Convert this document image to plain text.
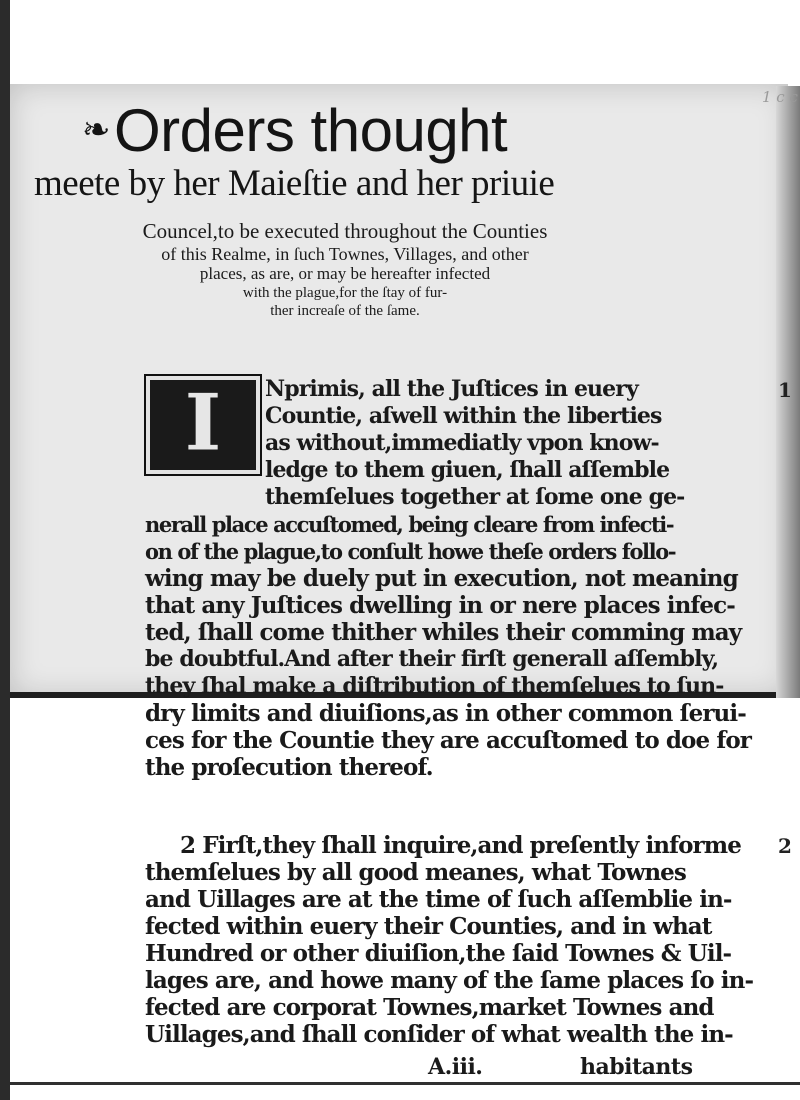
1 c c
❧Orders thought
meete by her Maieſtie and her priuie
Councel,to be executed throughout the Counties
of this Realme, in ſuch Townes, Villages, and other
places, as are, or may be hereafter infected
with the plague,for the ſtay of fur-
ther increaſe of the ſame.
I	1
Nprimis, all the Juſtices in euery
Countie, aſwell within the liberties
as without,immediatly vpon know-
ledge to them giuen, ſhall aſſemble
themſelues together at ſome one ge-
nerall place accuſtomed, being cleare from infecti-
on of the plague,to conſult howe theſe orders follo-
wing may be duely put in execution, not meaning
that any Juſtices dwelling in or nere places infec-
ted, ſhall come thither whiles their comming may
be doubtful.And after their firſt generall aſſembly,
they ſhal make a diſtribution of themſelues to ſun-
dry limits and diuiſions,as in other common ſerui-
ces for the Countie they are accuſtomed to doe for
the proſecution thereof.
2
2 Firſt,they ſhall inquire,and preſently informe
themſelues by all good meanes, what Townes
and Uillages are at the time of ſuch aſſemblie in-
fected within euery their Counties, and in what
Hundred or other diuiſion,the ſaid Townes & Uil-
lages are, and howe many of the ſame places ſo in-
fected are corporat Townes,market Townes and
Uillages,and ſhall conſider of what wealth the in-
A.iii.	habitants
